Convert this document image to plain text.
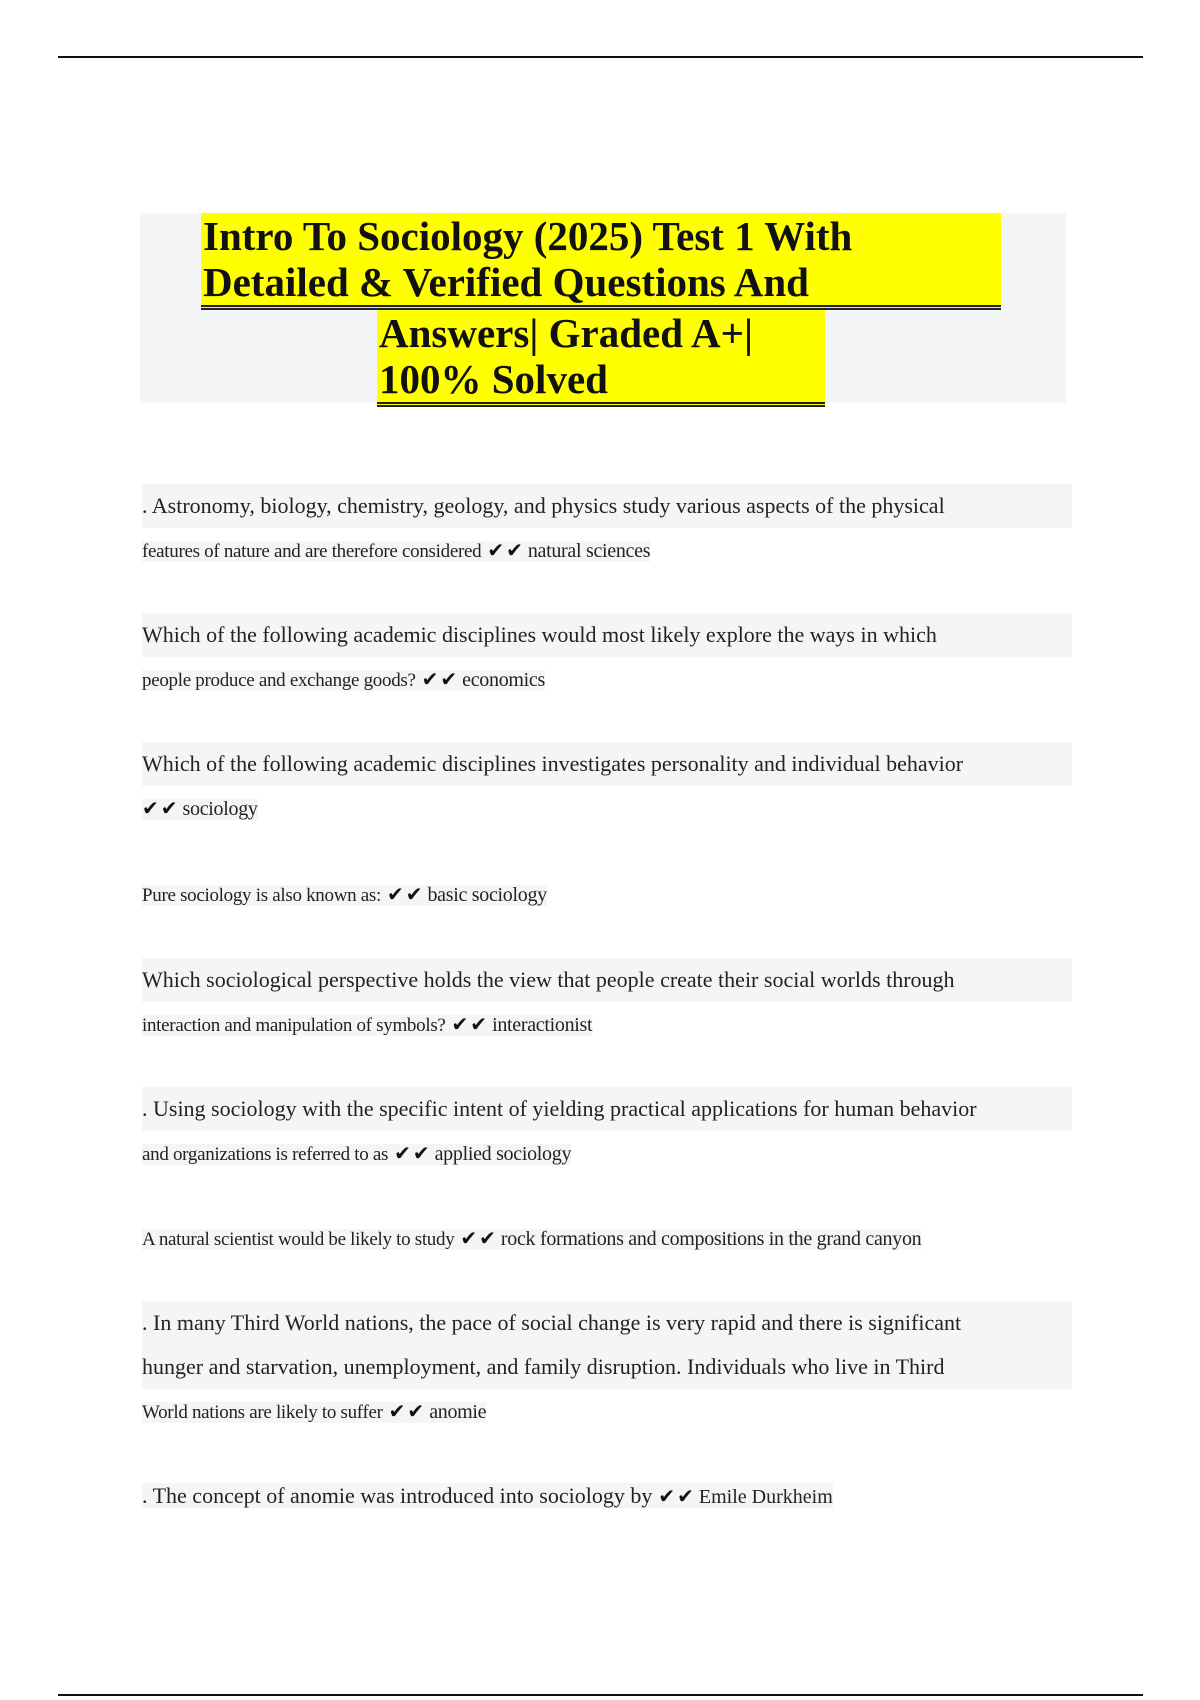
Intro To Sociology (2025) Test 1 With
Detailed & Verified Questions And
Answers| Graded A+|
100% Solved
. Astronomy, biology, chemistry, geology, and physics study various aspects of the physical
features of nature and are therefore considered ✔✔ natural sciences
Which of the following academic disciplines would most likely explore the ways in which
people produce and exchange goods? ✔✔ economics
Which of the following academic disciplines investigates personality and individual behavior
✔✔ sociology
Pure sociology is also known as: ✔✔ basic sociology
Which sociological perspective holds the view that people create their social worlds through
interaction and manipulation of symbols? ✔✔ interactionist
. Using sociology with the specific intent of yielding practical applications for human behavior
and organizations is referred to as ✔✔ applied sociology
A natural scientist would be likely to study ✔✔ rock formations and compositions in the grand canyon
. In many Third World nations, the pace of social change is very rapid and there is significant
hunger and starvation, unemployment, and family disruption. Individuals who live in Third
World nations are likely to suffer ✔✔ anomie
. The concept of anomie was introduced into sociology by ✔✔ Emile Durkheim
